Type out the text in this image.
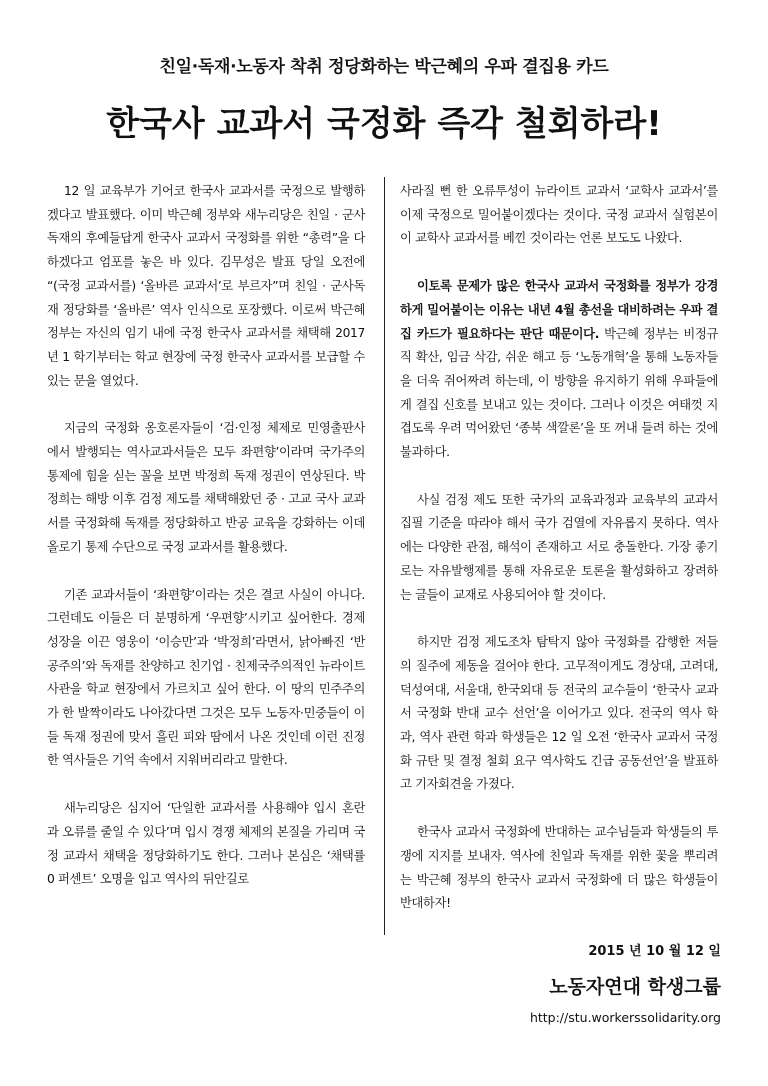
친일·독재·노동자 착취 정당화하는 박근혜의 우파 결집용 카드
한국사 교과서 국정화 즉각 철회하라!

12 일 교육부가 기어코 한국사 교과서를 국정으로 발행하겠다고 발표했다. 이미 박근혜 정부와 새누리당은 친일 · 군사독재의 후예들답게 한국사 교과서 국정화를 위한 “총력”을 다하겠다고 엄포를 놓은 바 있다. 김무성은 발표 당일 오전에 “(국정 교과서를) ‘올바른 교과서’로 부르자”며 친일 · 군사독재 정당화를 ‘올바른’ 역사 인식으로 포장했다. 이로써 박근혜 정부는 자신의 임기 내에 국정 한국사 교과서를 채택해 2017 년 1 학기부터는 학교 현장에 국정 한국사 교과서를 보급할 수 있는 문을 열었다.

지금의 국정화 옹호론자들이 ‘검·인정 체제로 민영출판사에서 발행되는 역사교과서들은 모두 좌편향’이라며 국가주의 통제에 힘을 싣는 꼴을 보면 박정희 독재 정권이 연상된다. 박정희는 해방 이후 검정 제도를 채택해왔던 중 · 고교 국사 교과서를 국정화해 독재를 정당화하고 반공 교육을 강화하는 이데올로기 통제 수단으로 국정 교과서를 활용했다.

기존 교과서들이 ‘좌편향’이라는 것은 결코 사실이 아니다. 그런데도 이들은 더 분명하게 ‘우편향’시키고 싶어한다. 경제 성장을 이끈 영웅이 ‘이승만’과 ‘박정희’라면서, 낡아빠진 ‘반공주의’와 독재를 찬양하고 친기업 · 친제국주의적인 뉴라이트 사관을 학교 현장에서 가르치고 싶어 한다. 이 땅의 민주주의가 한 발짝이라도 나아갔다면 그것은 모두 노동자·민중들이 이들 독재 정권에 맞서 흘린 피와 땀에서 나온 것인데 이런 진정한 역사들은 기억 속에서 지워버리라고 말한다.

새누리당은 심지어 ‘단일한 교과서를 사용해야 입시 혼란과 오류를 줄일 수 있다’며 입시 경쟁 체제의 본질을 가리며 국정 교과서 채택을 정당화하기도 한다. 그러나 본심은 ‘채택률 0 퍼센트’ 오명을 입고 역사의 뒤안길로

사라질 뻔 한 오류투성이 뉴라이트 교과서 ‘교학사 교과서’를 이제 국정으로 밀어붙이겠다는 것이다. 국정 교과서 실험본이 이 교학사 교과서를 베낀 것이라는 언론 보도도 나왔다.

이토록 문제가 많은 한국사 교과서 국정화를 정부가 강경하게 밀어붙이는 이유는 내년 4월 총선을 대비하려는 우파 결집 카드가 필요하다는 판단 때문이다. 박근혜 정부는 비정규직 확산, 임금 삭감, 쉬운 해고 등 ‘노동개혁’을 통해 노동자들을 더욱 쥐어짜려 하는데, 이 방향을 유지하기 위해 우파들에게 결집 신호를 보내고 있는 것이다. 그러나 이것은 여태껏 지겹도록 우려 먹어왔던 ‘종북 색깔론’을 또 꺼내 들려 하는 것에 불과하다.

사실 검정 제도 또한 국가의 교육과정과 교육부의 교과서 집필 기준을 따라야 해서 국가 검열에 자유롭지 못하다. 역사에는 다양한 관점, 해석이 존재하고 서로 충돌한다. 가장 좋기로는 자유발행제를 통해 자유로운 토론을 활성화하고 장려하는 글들이 교재로 사용되어야 할 것이다.

하지만 검정 제도조차 탐탁지 않아 국정화를 감행한 저들의 질주에 제동을 걸어야 한다. 고무적이게도 경상대, 고려대, 덕성여대, 서울대, 한국외대 등 전국의 교수들이 ‘한국사 교과서 국정화 반대 교수 선언’을 이어가고 있다. 전국의 역사 학과, 역사 관련 학과 학생들은 12 일 오전 ‘한국사 교과서 국정화 규탄 및 결정 철회 요구 역사학도 긴급 공동선언’을 발표하고 기자회견을 가졌다.

한국사 교과서 국정화에 반대하는 교수님들과 학생들의 투쟁에 지지를 보내자. 역사에 친일과 독재를 위한 꽃을 뿌리려는 박근혜 정부의 한국사 교과서 국정화에 더 많은 학생들이 반대하자!

2015 년 10 월 12 일
노동자연대 학생그룹
http://stu.workerssolidarity.org
